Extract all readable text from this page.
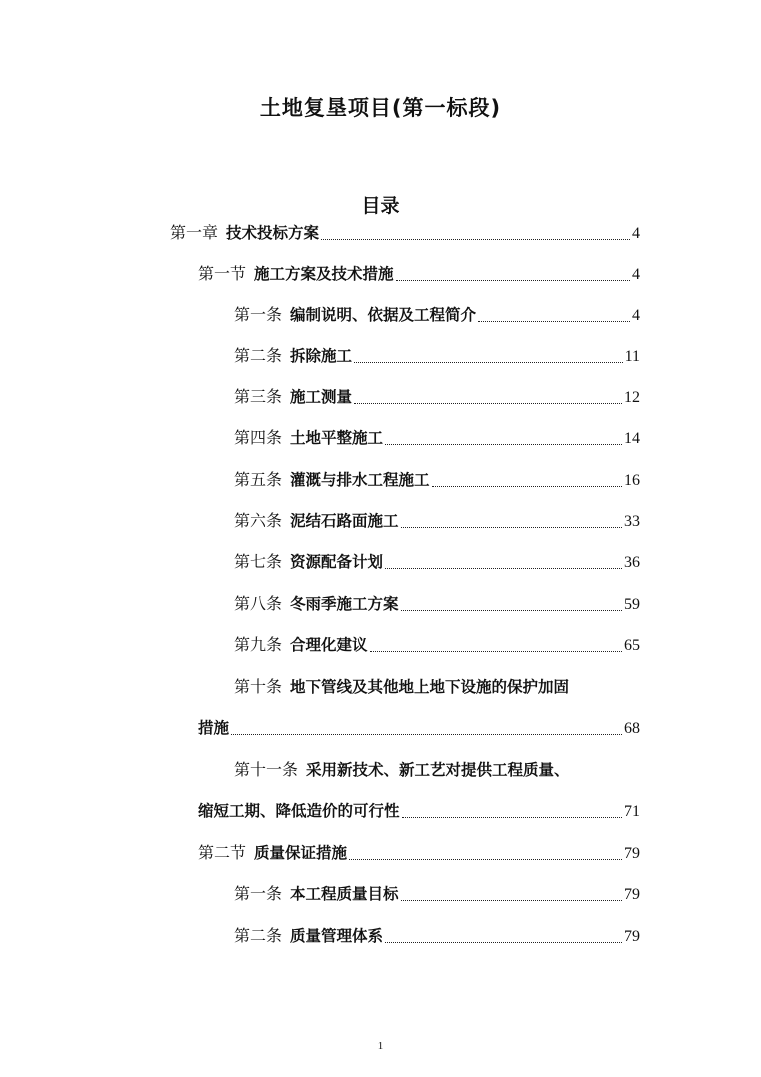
土地复垦项目(第一标段)
目录
第一章 技术投标方案	4
第一节 施工方案及技术措施	4
第一条 编制说明、依据及工程简介	4
第二条 拆除施工	11
第三条 施工测量	12
第四条 土地平整施工	14
第五条 灌溉与排水工程施工	16
第六条 泥结石路面施工	33
第七条 资源配备计划	36
第八条 冬雨季施工方案	59
第九条 合理化建议	65
第十条 地下管线及其他地上地下设施的保护加固
措施	68
第十一条 采用新技术、新工艺对提供工程质量、
缩短工期、降低造价的可行性	71
第二节 质量保证措施	79
第一条 本工程质量目标	79
第二条 质量管理体系	79
1
